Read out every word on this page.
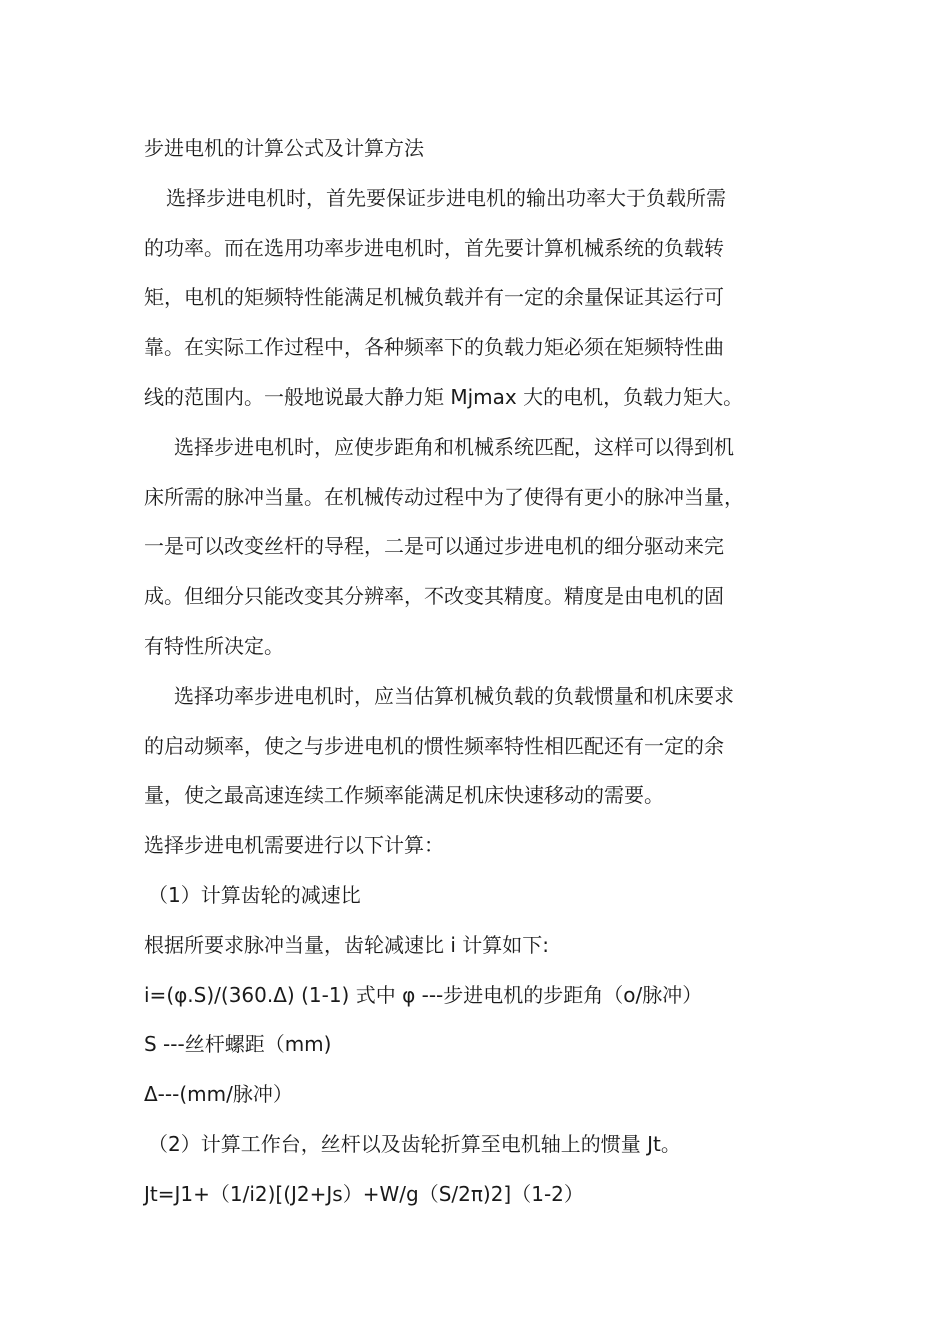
步进电机的计算公式及计算方法
选择步进电机时，首先要保证步进电机的输出功率大于负载所需
的功率。而在选用功率步进电机时，首先要计算机械系统的负载转
矩，电机的矩频特性能满足机械负载并有一定的余量保证其运行可
靠。在实际工作过程中，各种频率下的负载力矩必须在矩频特性曲
线的范围内。一般地说最大静力矩 Mjmax 大的电机，负载力矩大。
选择步进电机时，应使步距角和机械系统匹配，这样可以得到机
床所需的脉冲当量。在机械传动过程中为了使得有更小的脉冲当量，
一是可以改变丝杆的导程，二是可以通过步进电机的细分驱动来完
成。但细分只能改变其分辨率，不改变其精度。精度是由电机的固
有特性所决定。
选择功率步进电机时，应当估算机械负载的负载惯量和机床要求
的启动频率，使之与步进电机的惯性频率特性相匹配还有一定的余
量，使之最高速连续工作频率能满足机床快速移动的需要。
选择步进电机需要进行以下计算：
（1）计算齿轮的减速比
根据所要求脉冲当量，齿轮减速比 i 计算如下:
i=(φ.S)/(360.Δ) (1-1) 式中 φ ---步进电机的步距角（o/脉冲）
S ---丝杆螺距（mm)
Δ---(mm/脉冲）
（2）计算工作台，丝杆以及齿轮折算至电机轴上的惯量 Jt。
Jt=J1+（1/i2)[(J2+Js）+W/g（S/2π)2]（1-2）
